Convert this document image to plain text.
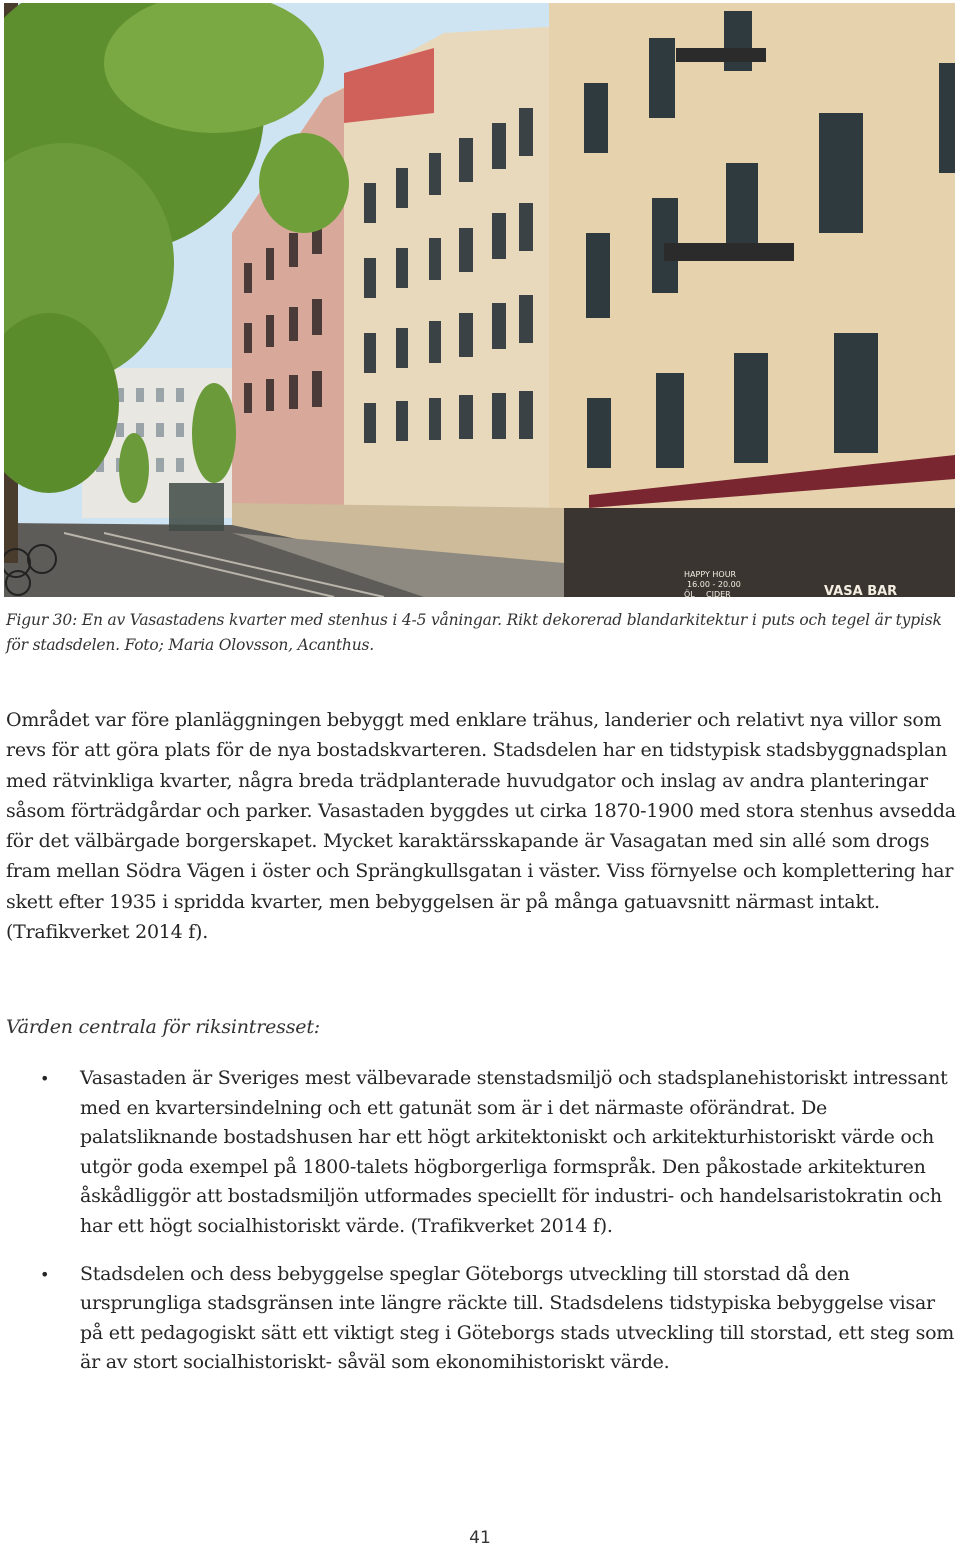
HAPPY HOUR
16.00 - 20.00
ÖL CIDER	VASA BAR
Figur 30: En av Vasastadens kvarter med stenhus i 4-5 våningar. Rikt dekorerad blandarkitektur i puts och tegel är typisk för stadsdelen. Foto; Maria Olovsson, Acanthus.
Området var före planläggningen bebyggt med enklare trähus, landerier och relativt nya villor som revs för att göra plats för de nya bostadskvarteren. Stadsdelen har en tidstypisk stadsbyggnadsplan med rätvinkliga kvarter, några breda trädplanterade huvudgator och inslag av andra planteringar såsom förträdgårdar och parker. Vasastaden byggdes ut cirka 1870-1900 med stora stenhus avsedda för det välbärgade borgerskapet. Mycket karaktärsskapande är Vasagatan med sin allé som drogs fram mellan Södra Vägen i öster och Sprängkullsgatan i väster. Viss förnyelse och komplettering har skett efter 1935 i spridda kvarter, men bebyggelsen är på många gatuavsnitt närmast intakt. (Trafikverket 2014 f).
Värden centrala för riksintresset:
• Vasastaden är Sveriges mest välbevarade stenstadsmiljö och stadsplanehistoriskt intressant med en kvartersindelning och ett gatunät som är i det närmaste oförändrat. De palatsliknande bostadshusen har ett högt arkitektoniskt och arkitekturhistoriskt värde och utgör goda exempel på 1800-talets högborgerliga formspråk. Den påkostade arkitekturen åskådliggör att bostadsmiljön utformades speciellt för industri- och handelsaristokratin och har ett högt socialhistoriskt värde. (Trafikverket 2014 f).
• Stadsdelen och dess bebyggelse speglar Göteborgs utveckling till storstad då den ursprungliga stadsgränsen inte längre räckte till. Stadsdelens tidstypiska bebyggelse visar på ett pedagogiskt sätt ett viktigt steg i Göteborgs stads utveckling till storstad, ett steg som är av stort socialhistoriskt- såväl som ekonomihistoriskt värde.
41
